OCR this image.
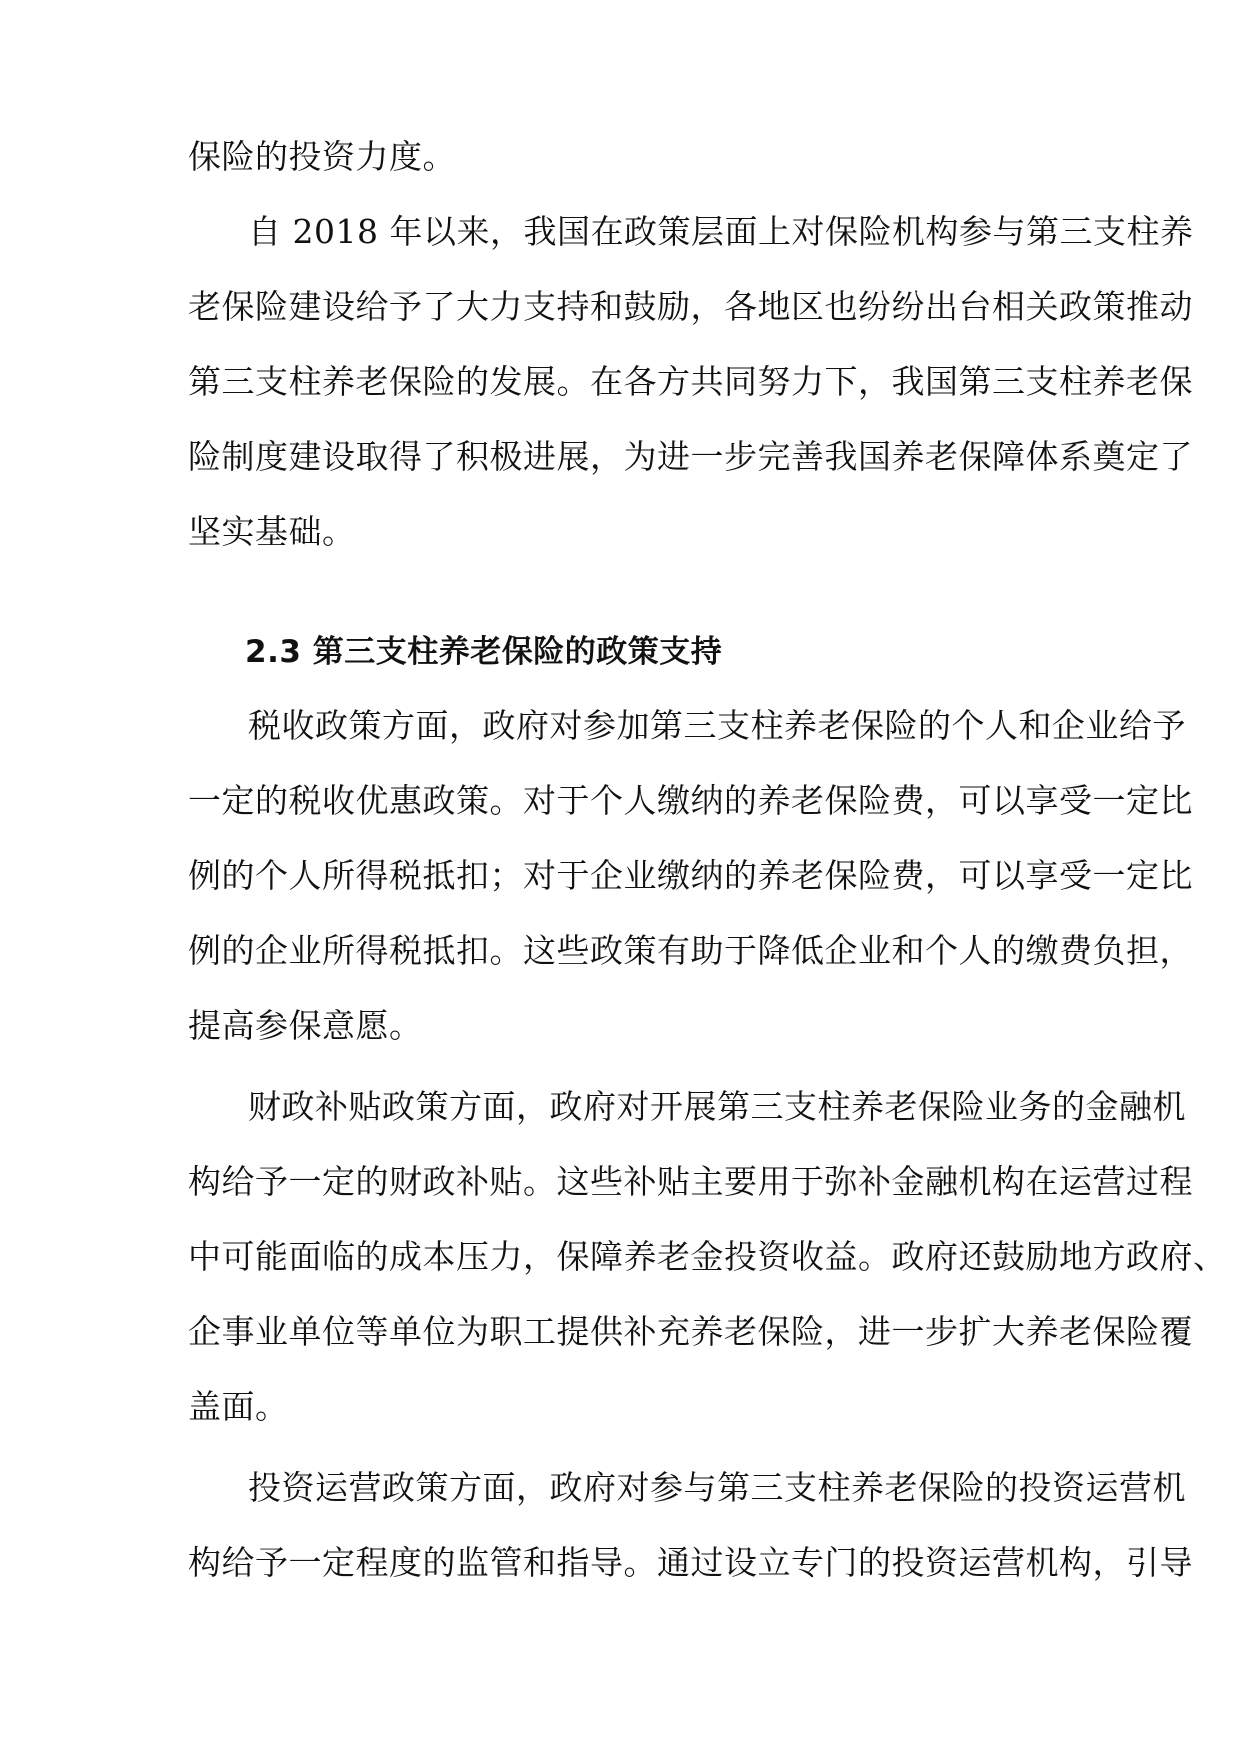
保险的投资力度。
自 2018 年以来，我国在政策层面上对保险机构参与第三支柱养
老保险建设给予了大力支持和鼓励，各地区也纷纷出台相关政策推动
第三支柱养老保险的发展。在各方共同努力下，我国第三支柱养老保
险制度建设取得了积极进展，为进一步完善我国养老保障体系奠定了
坚实基础。
2.3 第三支柱养老保险的政策支持
税收政策方面，政府对参加第三支柱养老保险的个人和企业给予
一定的税收优惠政策。对于个人缴纳的养老保险费，可以享受一定比
例的个人所得税抵扣；对于企业缴纳的养老保险费，可以享受一定比
例的企业所得税抵扣。这些政策有助于降低企业和个人的缴费负担，
提高参保意愿。
财政补贴政策方面，政府对开展第三支柱养老保险业务的金融机
构给予一定的财政补贴。这些补贴主要用于弥补金融机构在运营过程
中可能面临的成本压力，保障养老金投资收益。政府还鼓励地方政府、
企事业单位等单位为职工提供补充养老保险，进一步扩大养老保险覆
盖面。
投资运营政策方面，政府对参与第三支柱养老保险的投资运营机
构给予一定程度的监管和指导。通过设立专门的投资运营机构，引导
